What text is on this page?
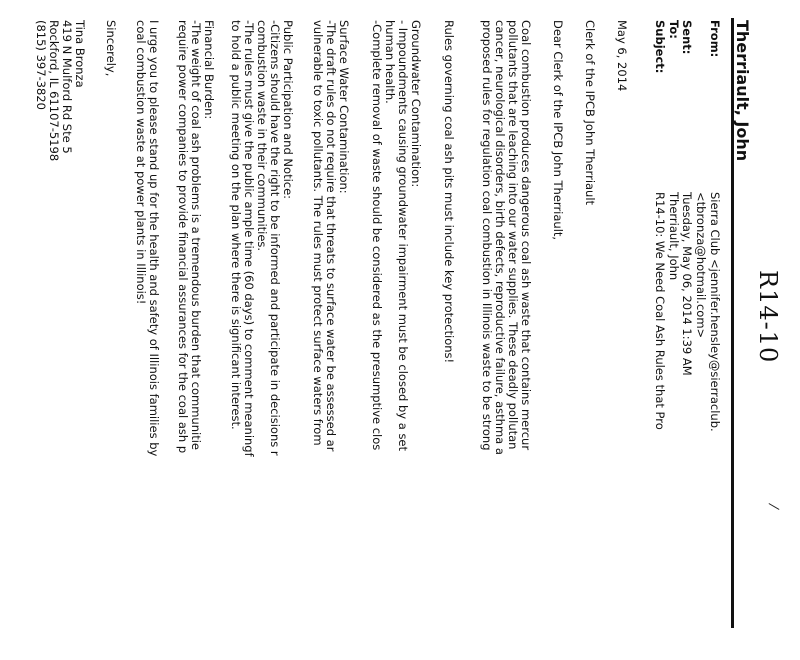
R14-10
Therriault, John
From:
Sierra Club <jennifer.hensley@sierraclub.
<tbronza@hotmail.com>
Sent:
Tuesday, May 06, 2014 1:39 AM
To:
Therriault, John
Subject:
R14-10: We Need Coal Ash Rules that Pro
May 6, 2014
Clerk of the IPCB John Therriault
Dear Clerk of the IPCB John Therriault,
Coal combustion produces dangerous coal ash waste that contains mercur
pollutants that are leaching into our water supplies. These deadly pollutan
cancer, neurological disorders, birth defects, reproductive failure, asthma a
proposed rules for regulation coal combustion in Illinois waste to be strong
Rules governing coal ash pits must include key protections!
Groundwater Contamination:
- Impoundments causing groundwater impairment must be closed by a set
human health.
-Complete removal of waste should be considered as the presumptive clos
Surface Water Contamination:
-The draft rules do not require that threats to surface water be assessed ar
vulnerable to toxic pollutants. The rules must protect surface waters from
Public Participation and Notice:
-Citizens should have the right to be informed and participate in decisions r
combustion waste in their communities.
-The rules must give the public ample time (60 days) to comment meaningf
to hold a public meeting on the plan where there is significant interest.
Financial Burden:
-The weight of coal ash problems is a tremendous burden that communitie
require power companies to provide financial assurances for the coal ash p
I urge you to please stand up for the health and safety of Illinois families by
coal combustion waste at power plants in Illinois!
Sincerely,
Tina Bronza
419 N Mulford Rd Ste 5
Rockford, IL 61107-5198
(815) 397-3820
